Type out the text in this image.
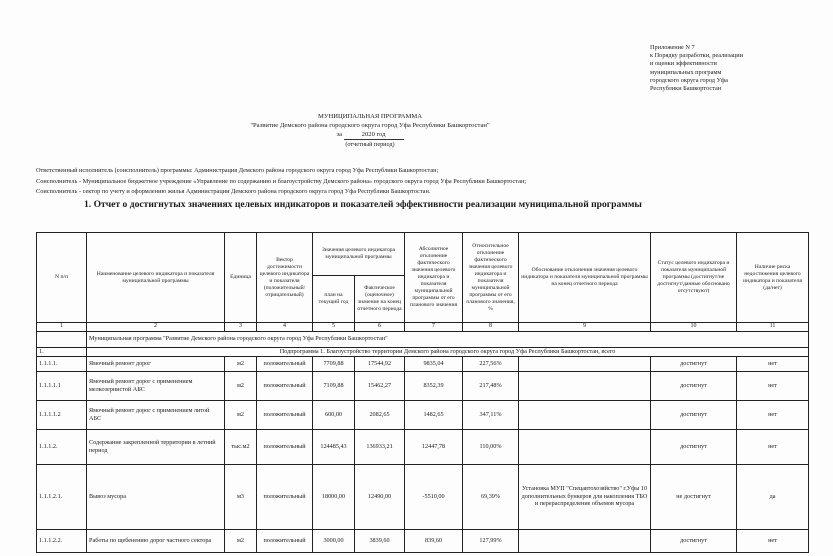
Приложение N 7
к Порядку разработки, реализации
и оценки эффективности
муниципальных программ
городского округа город Уфа
Республики Башкортостан
МУНИЦИПАЛЬНАЯ ПРОГРАММА
"Развитие Демского района городского округа город Уфа Республики Башкортостан"
за	2020 год
(отчетный период)
Ответственный исполнитель (соисполнитель) программы: Администрация Демского района городского округа город Уфа Республики Башкортостан;
Соисполнитель - Муниципальное бюджетное учреждение «Управление по содержанию и благоустройству Демского района» городского округа город Уфа Республики Башкортостан;
Соисполнитель - сектор по учету и оформлению жилья Администрации Демского района городского округа город Уфа Республики Башкортостан.
1. Отчет о достигнутых значениях целевых индикаторов и показателей эффективности реализации муниципальной программы
N п/п	Наименование целевого индикатора и показателя муниципальной программы	Единица	Вектор достижимости целевого индикатора и показателя (положительный/отрицательный)	Значения целевого индикатора муниципальной программы		Абсолютное отклонение фактического значения целевого индикатора и показателя муниципальной программы от его планового значения	Относительное отклонение фактического значения целевого индикатора и показателя муниципальной программы от его планового значения, %	Обоснование отклонения значения целевого индикатора и показателя муниципальной программы на конец отчетного периода	Статус целевого индикатора и показателя муниципальной программы (достигнут/не достигнут/данные обосновано отсутствуют)	Наличие риска недостижения целевого индикатора и показателя (да/нет)
				план на текущий год	Фактическое (оценочное) значение на конец отчетного периода					
1	2	3	4	5	6	7	8	9	10	11
	Муниципальная программа "Развитие Демского района городского округа город Уфа Республики Башкортостан"									
1.	Подпрограмма 1. Благоустройство территории Демского района городского округа город Уфа Республики Башкортостан, всего									
1.1.1.1.	Ямочный ремонт дорог	м2	положительный	7709,88	17544,92	9835,04	227,56%		достигнут	нет
1.1.1.1.1	Ямочный ремонт дорог с применением мелкозернистой АБС	м2	положительный	7109,88	15462,27	8352,39	217,48%		достигнут	нет
1.1.1.1.2	Ямочный ремонт дорог с применением литой АБС	м2	положительный	600,00	2082,65	1482,65	347,11%		достигнут	нет
1.1.1.2.	Содержание закрепленной территории в летний период	тыс.м2	положительный	124485,43	136933,21	12447,78	110,00%		достигнут	нет
1.1.1.2.1.	Вывоз мусора	м3	положительный	18000,00	12490,00	-5510,00	69,39%	Установка МУП "Спецавтохозяйство" г.Уфы 10 дополнительных бункеров для накопления ТБО и перераспределение объемов мусора	не достигнут	да
1.1.1.2.2.	Работы по щебенению дорог частного сектора	м2	положительный	3000,00	3839,60	839,60	127,99%		достигнут	нет
